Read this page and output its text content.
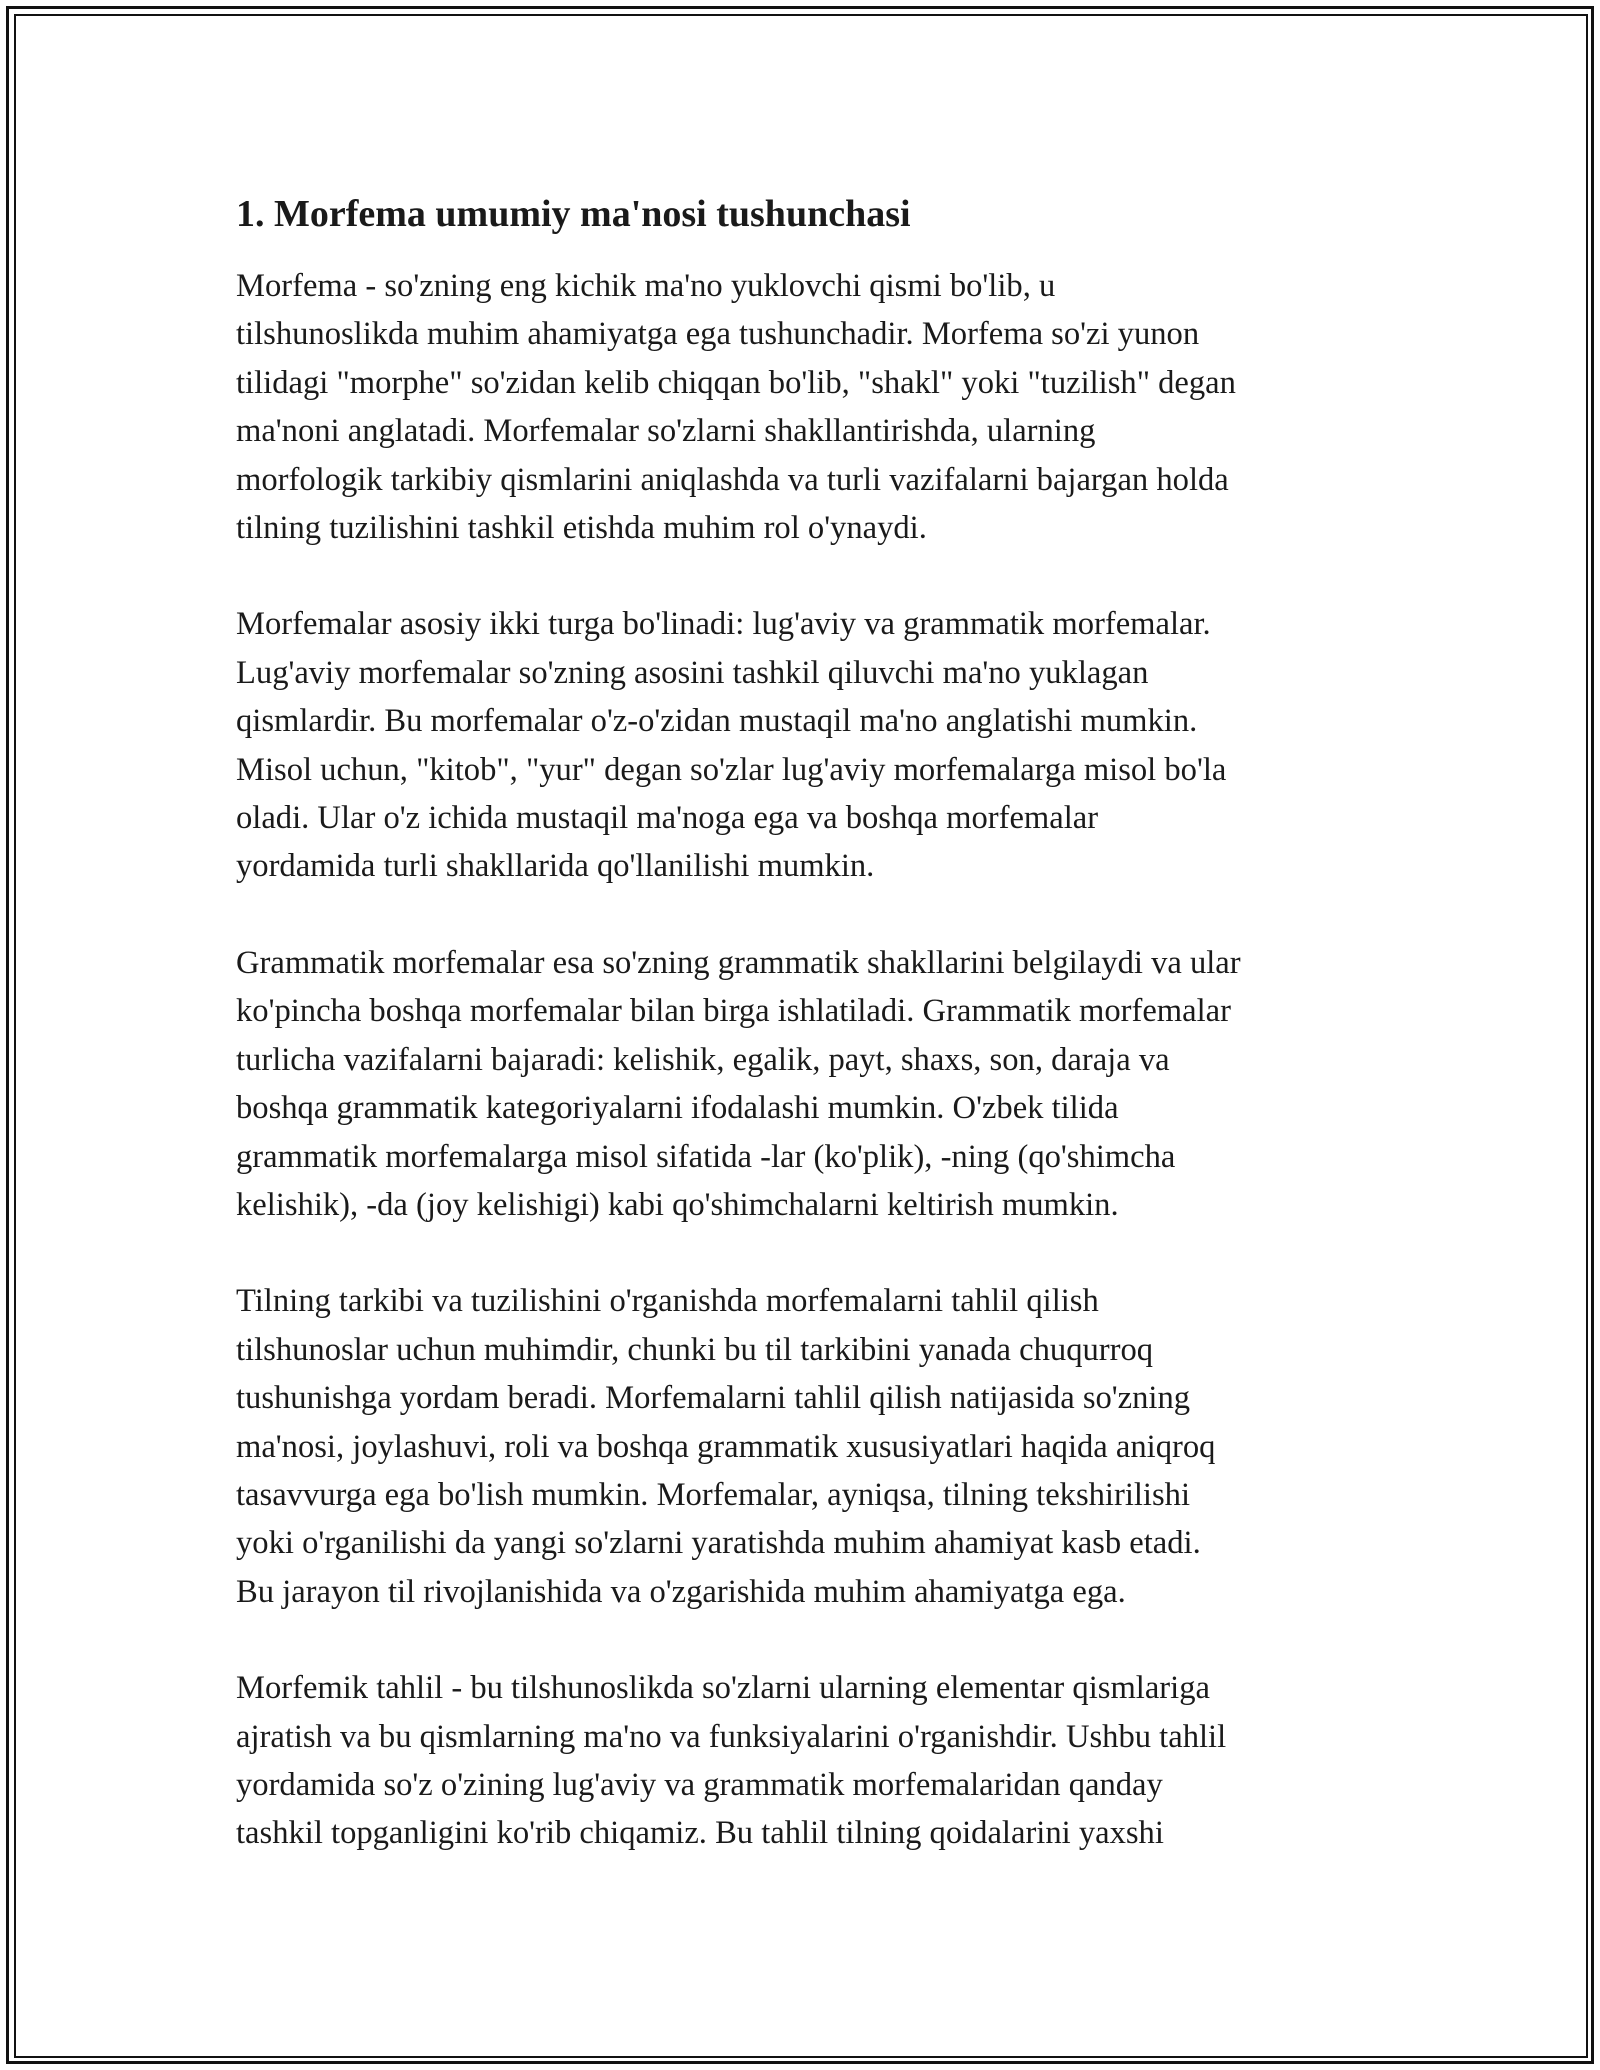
1. Morfema umumiy ma'nosi tushunchasi
Morfema - so'zning eng kichik ma'no yuklovchi qismi bo'lib, u
tilshunoslikda muhim ahamiyatga ega tushunchadir. Morfema so'zi yunon
tilidagi "morphe" so'zidan kelib chiqqan bo'lib, "shakl" yoki "tuzilish" degan
ma'noni anglatadi. Morfemalar so'zlarni shakllantirishda, ularning
morfologik tarkibiy qismlarini aniqlashda va turli vazifalarni bajargan holda
tilning tuzilishini tashkil etishda muhim rol o'ynaydi.
Morfemalar asosiy ikki turga bo'linadi: lug'aviy va grammatik morfemalar.
Lug'aviy morfemalar so'zning asosini tashkil qiluvchi ma'no yuklagan
qismlardir. Bu morfemalar o'z-o'zidan mustaqil ma'no anglatishi mumkin.
Misol uchun, "kitob", "yur" degan so'zlar lug'aviy morfemalarga misol bo'la
oladi. Ular o'z ichida mustaqil ma'noga ega va boshqa morfemalar
yordamida turli shakllarida qo'llanilishi mumkin.
Grammatik morfemalar esa so'zning grammatik shakllarini belgilaydi va ular
ko'pincha boshqa morfemalar bilan birga ishlatiladi. Grammatik morfemalar
turlicha vazifalarni bajaradi: kelishik, egalik, payt, shaxs, son, daraja va
boshqa grammatik kategoriyalarni ifodalashi mumkin. O'zbek tilida
grammatik morfemalarga misol sifatida -lar (ko'plik), -ning (qo'shimcha
kelishik), -da (joy kelishigi) kabi qo'shimchalarni keltirish mumkin.
Tilning tarkibi va tuzilishini o'rganishda morfemalarni tahlil qilish
tilshunoslar uchun muhimdir, chunki bu til tarkibini yanada chuqurroq
tushunishga yordam beradi. Morfemalarni tahlil qilish natijasida so'zning
ma'nosi, joylashuvi, roli va boshqa grammatik xususiyatlari haqida aniqroq
tasavvurga ega bo'lish mumkin. Morfemalar, ayniqsa, tilning tekshirilishi
yoki o'rganilishi da yangi so'zlarni yaratishda muhim ahamiyat kasb etadi.
Bu jarayon til rivojlanishida va o'zgarishida muhim ahamiyatga ega.
Morfemik tahlil - bu tilshunoslikda so'zlarni ularning elementar qismlariga
ajratish va bu qismlarning ma'no va funksiyalarini o'rganishdir. Ushbu tahlil
yordamida so'z o'zining lug'aviy va grammatik morfemalaridan qanday
tashkil topganligini ko'rib chiqamiz. Bu tahlil tilning qoidalarini yaxshi
